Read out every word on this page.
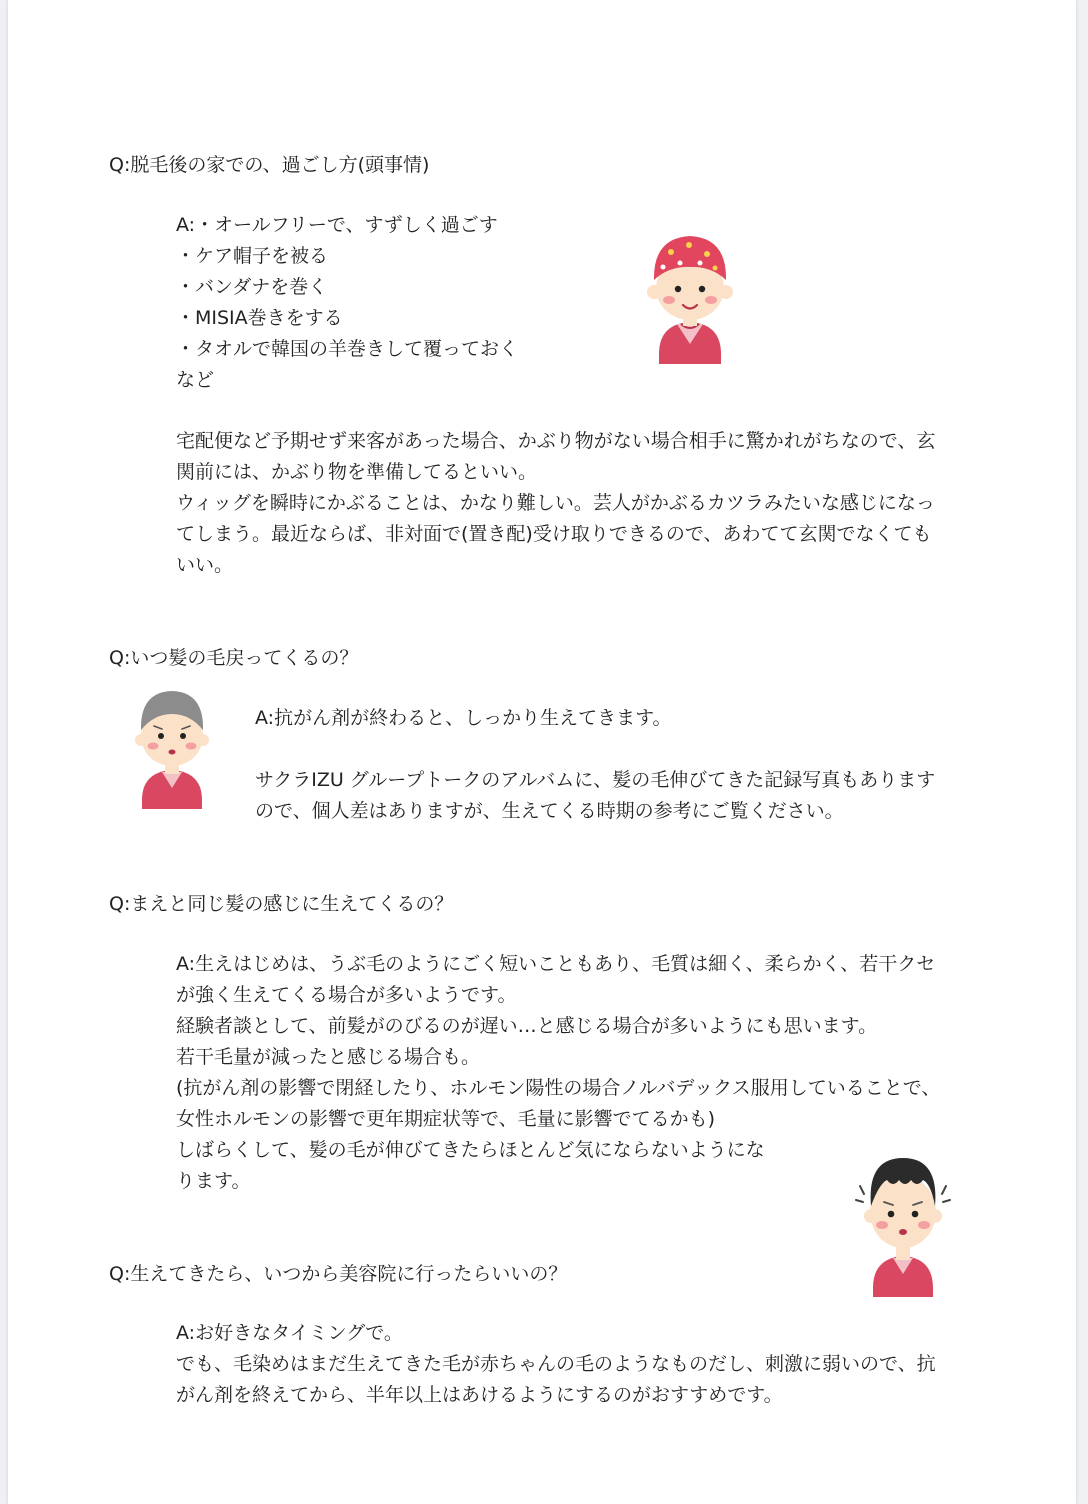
Q:脱毛後の家での、過ごし方(頭事情)
A:・オールフリーで、すずしく過ごす
・ケア帽子を被る
・バンダナを巻く
・MISIA巻きをする
・タオルで韓国の羊巻きして覆っておく
など
宅配便など予期せず来客があった場合、かぶり物がない場合相手に驚かれがちなので、玄
関前には、かぶり物を準備してるといい。
ウィッグを瞬時にかぶることは、かなり難しい。芸人がかぶるカツラみたいな感じになっ
てしまう。最近ならば、非対面で(置き配)受け取りできるので、あわてて玄関でなくても
いい。
Q:いつ髪の毛戻ってくるの？
A:抗がん剤が終わると、しっかり生えてきます。
サクラIZU グループトークのアルバムに、髪の毛伸びてきた記録写真もあります
ので、個人差はありますが、生えてくる時期の参考にご覧ください。
Q:まえと同じ髪の感じに生えてくるの？
A:生えはじめは、うぶ毛のようにごく短いこともあり、毛質は細く、柔らかく、若干クセ
が強く生えてくる場合が多いようです。
経験者談として、前髪がのびるのが遅い…と感じる場合が多いようにも思います。
若干毛量が減ったと感じる場合も。
(抗がん剤の影響で閉経したり、ホルモン陽性の場合ノルバデックス服用していることで、
女性ホルモンの影響で更年期症状等で、毛量に影響でてるかも)
しばらくして、髪の毛が伸びてきたらほとんど気にならないようにな
ります。
Q:生えてきたら、いつから美容院に行ったらいいの？
A:お好きなタイミングで。
でも、毛染めはまだ生えてきた毛が赤ちゃんの毛のようなものだし、刺激に弱いので、抗
がん剤を終えてから、半年以上はあけるようにするのがおすすめです。
